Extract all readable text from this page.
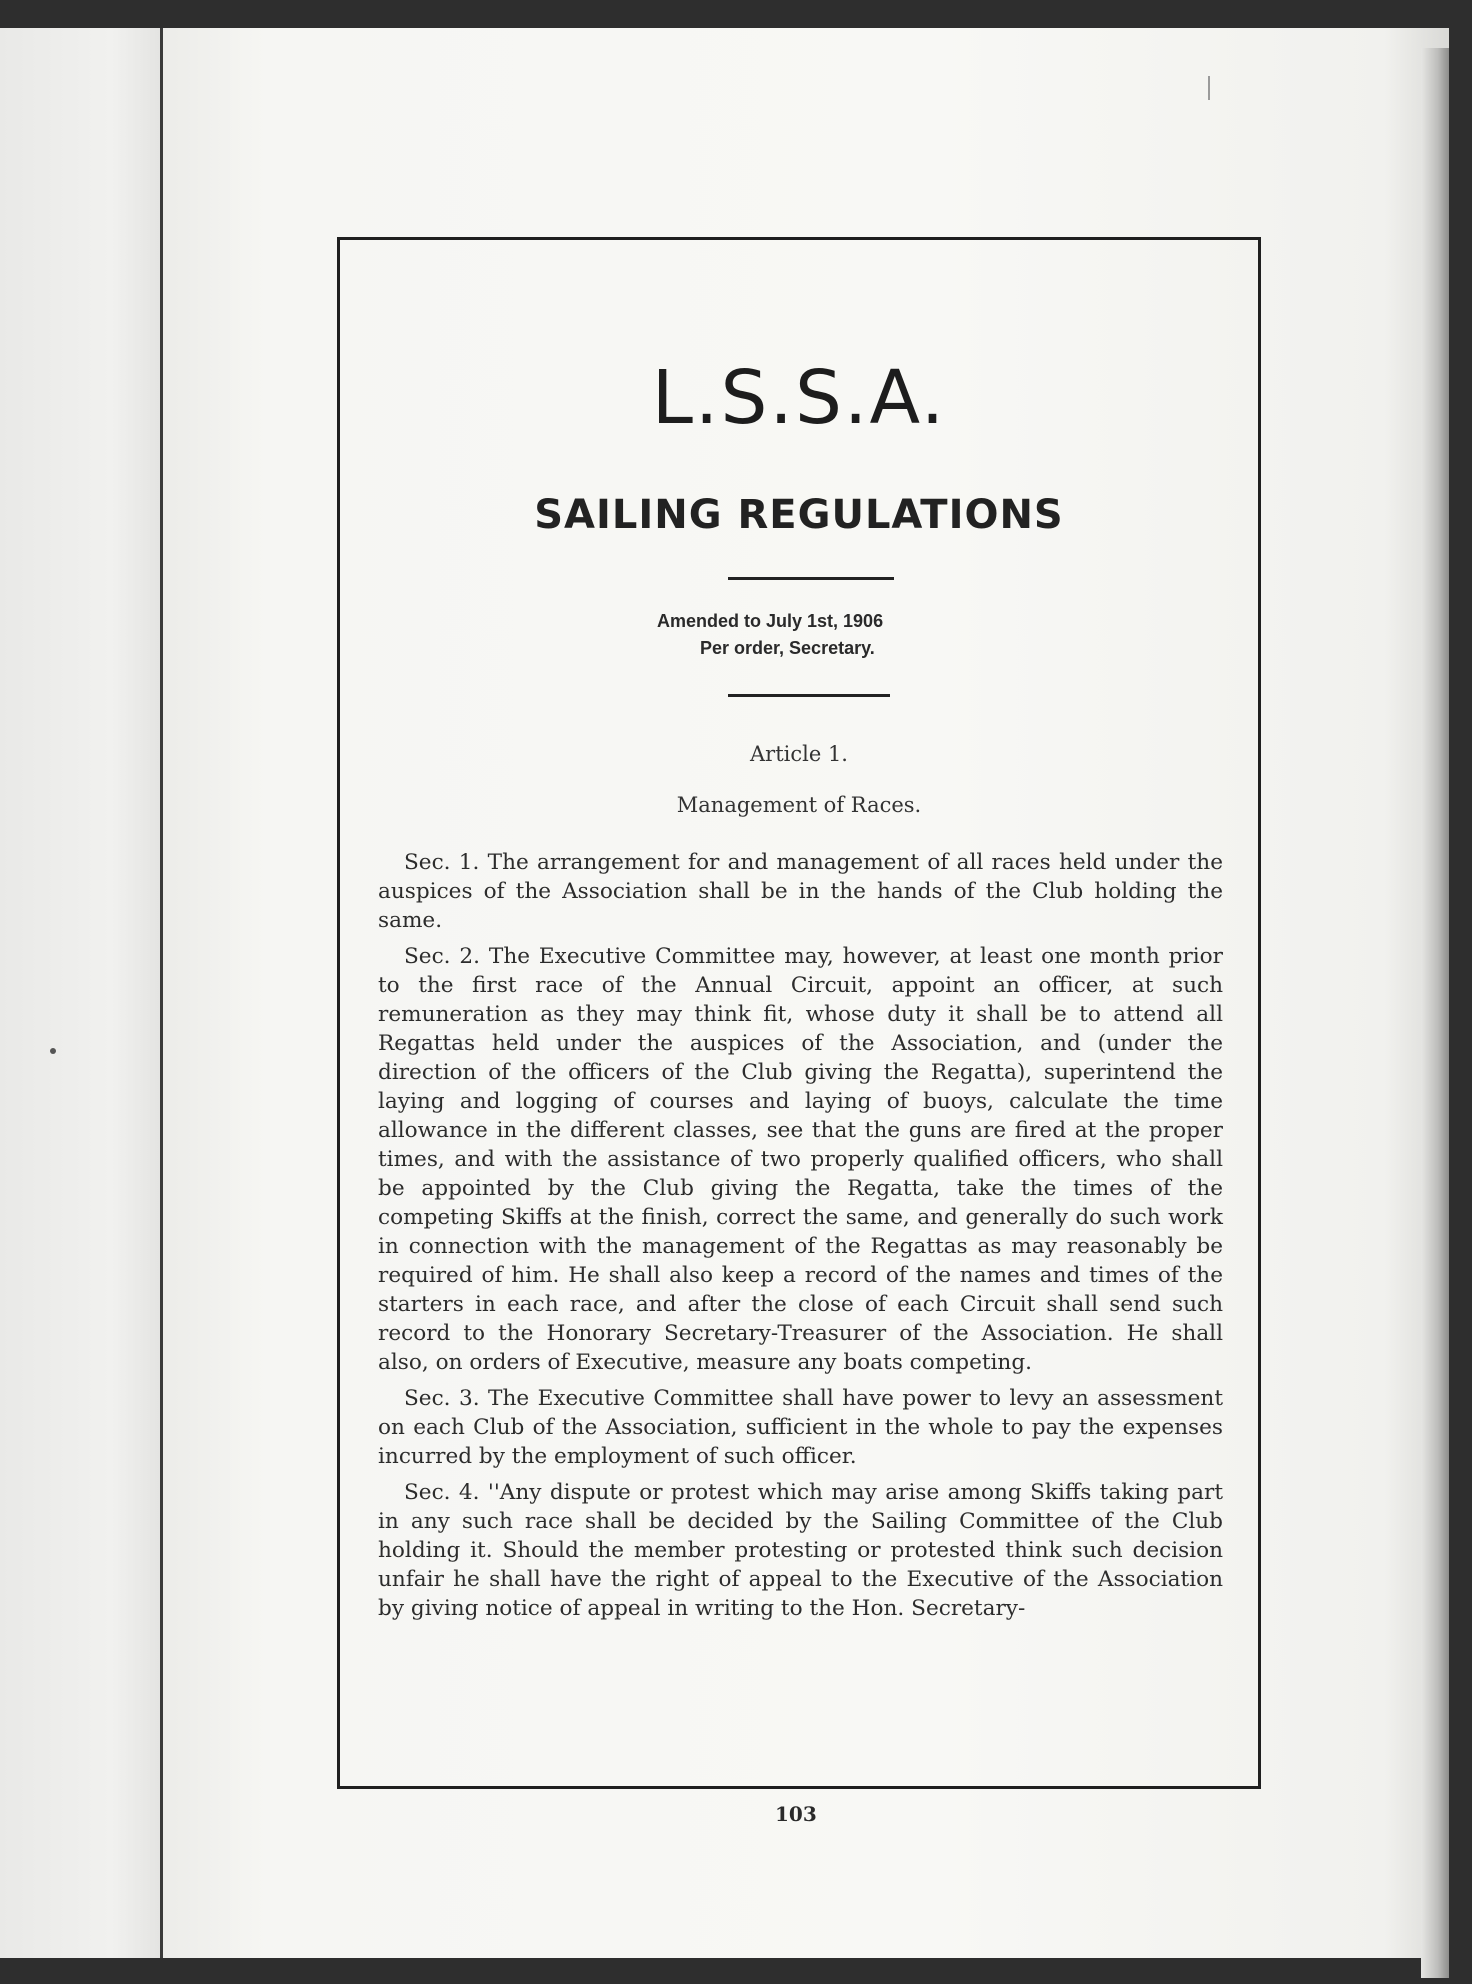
L.S.S.A.
SAILING REGULATIONS

Amended to July 1st, 1906

Per order, Secretary.

Article 1.

Management of Races.

Sec. 1. The arrangement for and management of all races held under the auspices of the Association shall be in the hands of the Club holding the same.

Sec. 2. The Executive Committee may, however, at least one month prior to the first race of the Annual Circuit, appoint an officer, at such remuneration as they may think fit, whose duty it shall be to attend all Regattas held under the auspices of the Association, and (under the direction of the officers of the Club giving the Regatta), superintend the laying and logging of courses and laying of buoys, calculate the time allowance in the different classes, see that the guns are fired at the proper times, and with the assistance of two properly qualified officers, who shall be appointed by the Club giving the Regatta, take the times of the competing Skiffs at the finish, correct the same, and generally do such work in connection with the management of the Regattas as may reasonably be required of him. He shall also keep a record of the names and times of the starters in each race, and after the close of each Circuit shall send such record to the Honorary Secretary-Treasurer of the Association. He shall also, on orders of Executive, measure any boats competing.

Sec. 3. The Executive Committee shall have power to levy an assessment on each Club of the Association, sufficient in the whole to pay the expenses incurred by the employment of such officer.

Sec. 4. ''Any dispute or protest which may arise among Skiffs taking part in any such race shall be decided by the Sailing Committee of the Club holding it. Should the member protesting or protested think such decision unfair he shall have the right of appeal to the Executive of the Association by giving notice of appeal in writing to the Hon. Secretary-

103
